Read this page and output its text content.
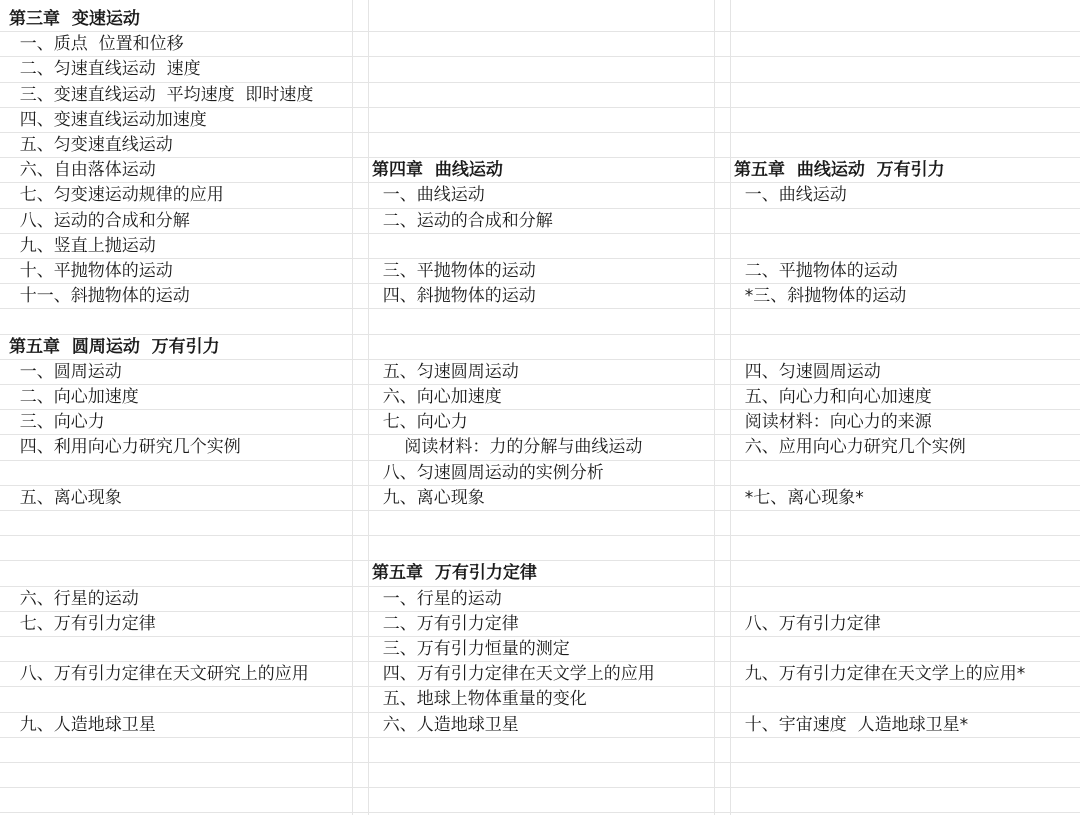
第三章  变速运动
一、质点  位置和位移
二、匀速直线运动  速度
三、变速直线运动  平均速度  即时速度
四、变速直线运动加速度
五、匀变速直线运动
六、自由落体运动
七、匀变速运动规律的应用
八、运动的合成和分解
九、竖直上抛运动
十、平抛物体的运动
十一、斜抛物体的运动
第五章  圆周运动  万有引力
一、圆周运动
二、向心加速度
三、向心力
四、利用向心力研究几个实例
五、离心现象
六、行星的运动
七、万有引力定律
八、万有引力定律在天文研究上的应用
九、人造地球卫星
第四章  曲线运动
一、曲线运动
二、运动的合成和分解
三、平抛物体的运动
四、斜抛物体的运动
五、匀速圆周运动
六、向心加速度
七、向心力
阅读材料：力的分解与曲线运动
八、匀速圆周运动的实例分析
九、离心现象
第五章  万有引力定律
一、行星的运动
二、万有引力定律
三、万有引力恒量的测定
四、万有引力定律在天文学上的应用
五、地球上物体重量的变化
六、人造地球卫星
第五章  曲线运动  万有引力
一、曲线运动
二、平抛物体的运动
*三、斜抛物体的运动
四、匀速圆周运动
五、向心力和向心加速度
阅读材料：向心力的来源
六、应用向心力研究几个实例
*七、离心现象*
八、万有引力定律
九、万有引力定律在天文学上的应用*
十、宇宙速度  人造地球卫星*
